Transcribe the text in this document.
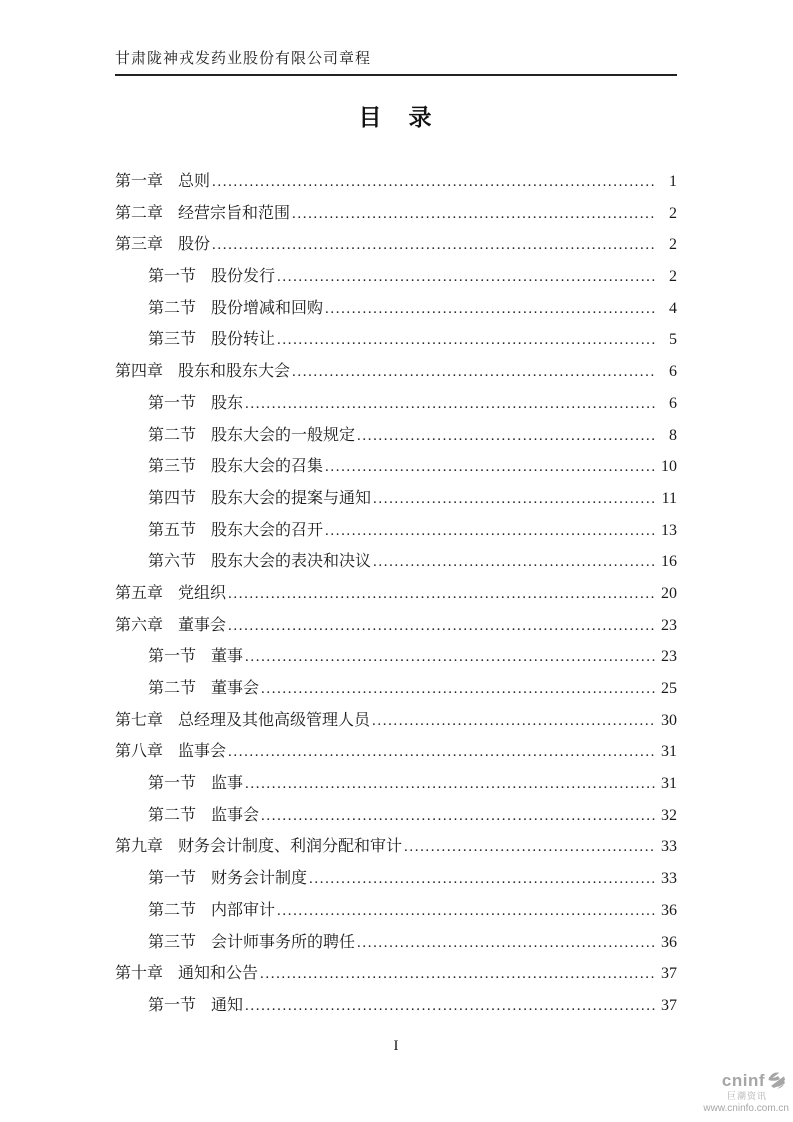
甘肃陇神戎发药业股份有限公司章程
目　录
第一章 总则 .....	1
第二章 经营宗旨和范围 .....	2
第三章 股份 .....	2
第一节 股份发行 .....	2
第二节 股份增减和回购 .....	4
第三节 股份转让 .....	5
第四章 股东和股东大会 .....	6
第一节 股东 .....	6
第二节 股东大会的一般规定 .....	8
第三节 股东大会的召集 .....	10
第四节 股东大会的提案与通知 .....	11
第五节 股东大会的召开 .....	13
第六节 股东大会的表决和决议 .....	16
第五章 党组织 .....	20
第六章 董事会 .....	23
第一节 董事 .....	23
第二节 董事会 .....	25
第七章 总经理及其他高级管理人员 .....	30
第八章 监事会 .....	31
第一节 监事 .....	31
第二节 监事会 .....	32
第九章 财务会计制度、利润分配和审计 .....	33
第一节 财务会计制度 .....	33
第二节 内部审计 .....	36
第三节 会计师事务所的聘任 .....	36
第十章 通知和公告 .....	37
第一节 通知 .....	37
I
cninf
巨潮资讯
www.cninfo.com.cn
